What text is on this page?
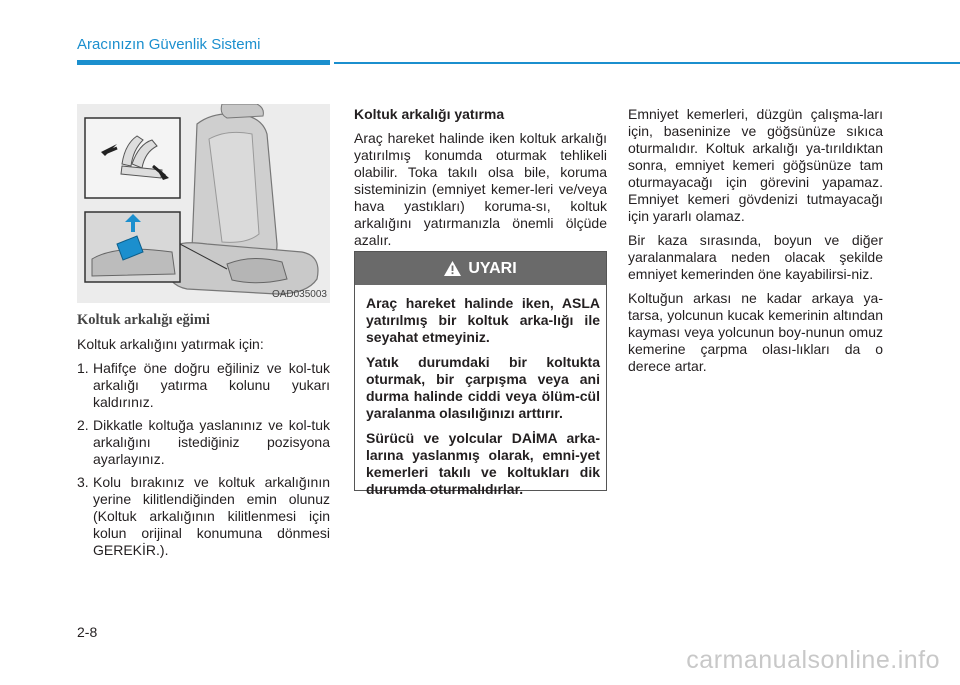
Aracınızın Güvenlik Sistemi
OAD035003

Koltuk arkalığı eğimi

Koltuk arkalığını yatırmak için:

1. Hafifçe öne doğru eğiliniz ve kol-tuk arkalığı yatırma kolunu yukarı kaldırınız.
2. Dikkatle koltuğa yaslanınız ve kol-tuk arkalığını istediğiniz pozisyona ayarlayınız.
3. Kolu bırakınız ve koltuk arkalığının yerine kilitlendiğinden emin olunuz (Koltuk arkalığının kilitlenmesi için kolun orijinal konumuna dönmesi GEREKİR.).

Koltuk arkalığı yatırma

Araç hareket halinde iken koltuk arkalığı yatırılmış konumda oturmak tehlikeli olabilir. Toka takılı olsa bile, koruma sisteminizin (emniyet kemer-leri ve/veya hava yastıkları) koruma-sı, koltuk arkalığını yatırmanızla önemli ölçüde azalır.

UYARI

Araç hareket halinde iken, ASLA yatırılmış bir koltuk arka-lığı ile seyahat etmeyiniz.

Yatık durumdaki bir koltukta oturmak, bir çarpışma veya ani durma halinde ciddi veya ölüm-cül yaralanma olasılığınızı arttırır.

Sürücü ve yolcular DAİMA arka-larına yaslanmış olarak, emni-yet kemerleri takılı ve koltukları dik durumda oturmalıdırlar.

Emniyet kemerleri, düzgün çalışma-ları için, baseninize ve göğsünüze sıkıca oturmalıdır. Koltuk arkalığı ya-tırıldıktan sonra, emniyet kemeri göğsünüze tam oturmayacağı için görevini yapamaz. Emniyet kemeri gövdenizi tutmayacağı için yararlı olamaz.

Bir kaza sırasında, boyun ve diğer yaralanmalara neden olacak şekilde emniyet kemerinden öne kayabilirsi-niz.

Koltuğun arkası ne kadar arkaya ya-tarsa, yolcunun kucak kemerinin altından kayması veya yolcunun boy-nunun omuz kemerine çarpma olası-lıkları da o derece artar.

2-8
carmanualsonline.info
